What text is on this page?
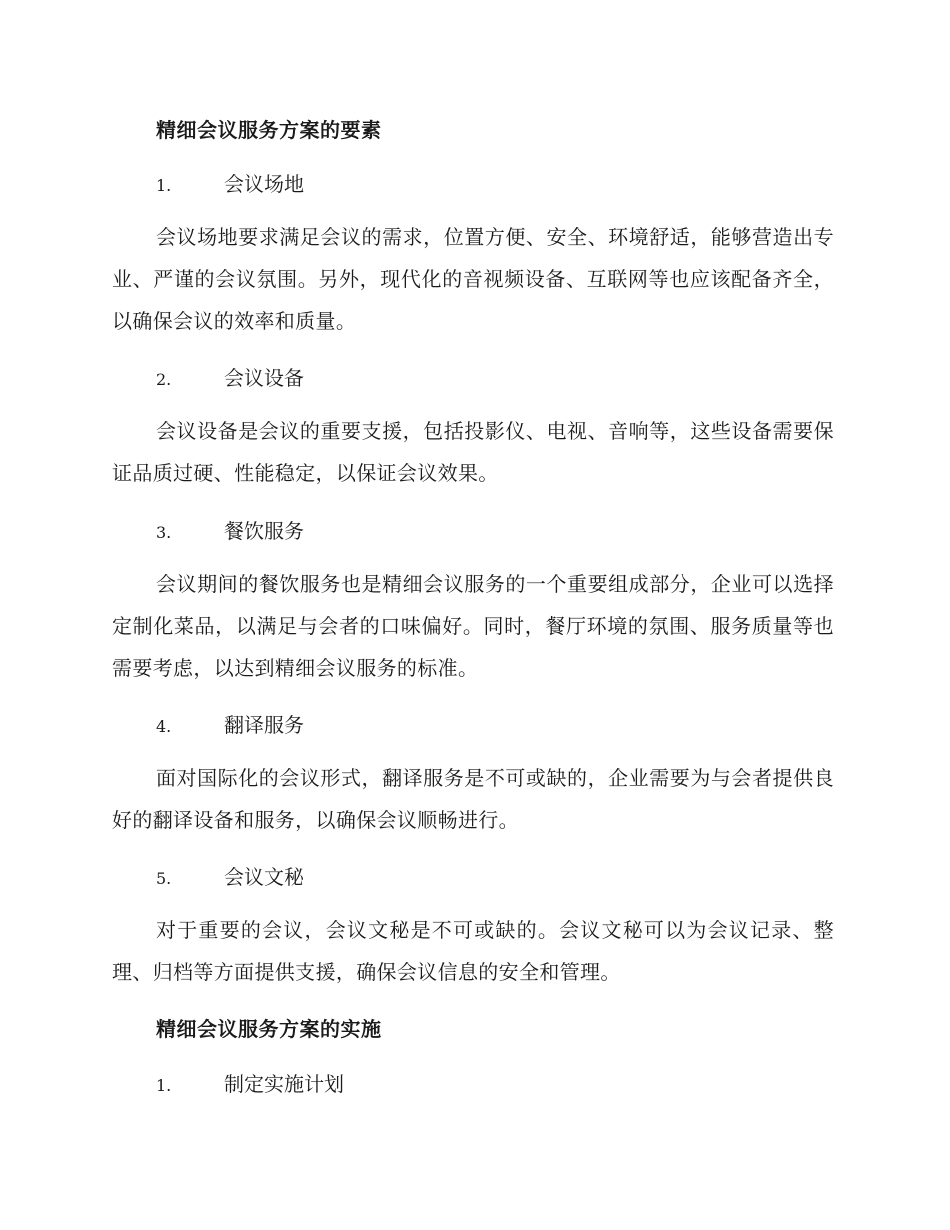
精细会议服务方案的要素
1.	会议场地

会议场地要求满足会议的需求，位置方便、安全、环境舒适，能够营造出专业、严谨的会议氛围。另外，现代化的音视频设备、互联网等也应该配备齐全，以确保会议的效率和质量。

2.	会议设备

会议设备是会议的重要支援，包括投影仪、电视、音响等，这些设备需要保证品质过硬、性能稳定，以保证会议效果。

3.	餐饮服务

会议期间的餐饮服务也是精细会议服务的一个重要组成部分，企业可以选择定制化菜品，以满足与会者的口味偏好。同时，餐厅环境的氛围、服务质量等也需要考虑，以达到精细会议服务的标准。

4.	翻译服务

面对国际化的会议形式，翻译服务是不可或缺的，企业需要为与会者提供良好的翻译设备和服务，以确保会议顺畅进行。

5.	会议文秘

对于重要的会议，会议文秘是不可或缺的。会议文秘可以为会议记录、整理、归档等方面提供支援，确保会议信息的安全和管理。

精细会议服务方案的实施
1.	制定实施计划
